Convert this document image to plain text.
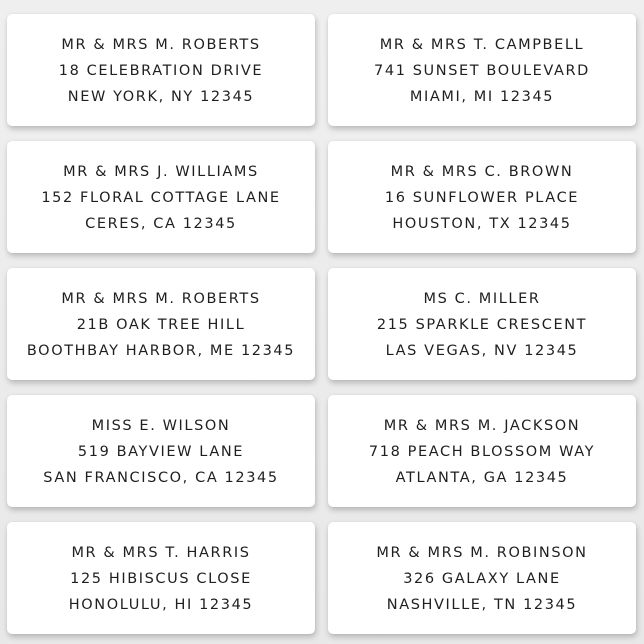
MR & MRS M. ROBERTS
18 CELEBRATION DRIVE
NEW YORK, NY 12345
MR & MRS T. CAMPBELL
741 SUNSET BOULEVARD
MIAMI, MI 12345
MR & MRS J. WILLIAMS
152 FLORAL COTTAGE LANE
CERES, CA 12345
MR & MRS C. BROWN
16 SUNFLOWER PLACE
HOUSTON, TX 12345
MR & MRS M. ROBERTS
21B OAK TREE HILL
BOOTHBAY HARBOR, ME 12345
MS C. MILLER
215 SPARKLE CRESCENT
LAS VEGAS, NV 12345
MISS E. WILSON
519 BAYVIEW LANE
SAN FRANCISCO, CA 12345
MR & MRS M. JACKSON
718 PEACH BLOSSOM WAY
ATLANTA, GA 12345
MR & MRS T. HARRIS
125 HIBISCUS CLOSE
HONOLULU, HI 12345
MR & MRS M. ROBINSON
326 GALAXY LANE
NASHVILLE, TN 12345
